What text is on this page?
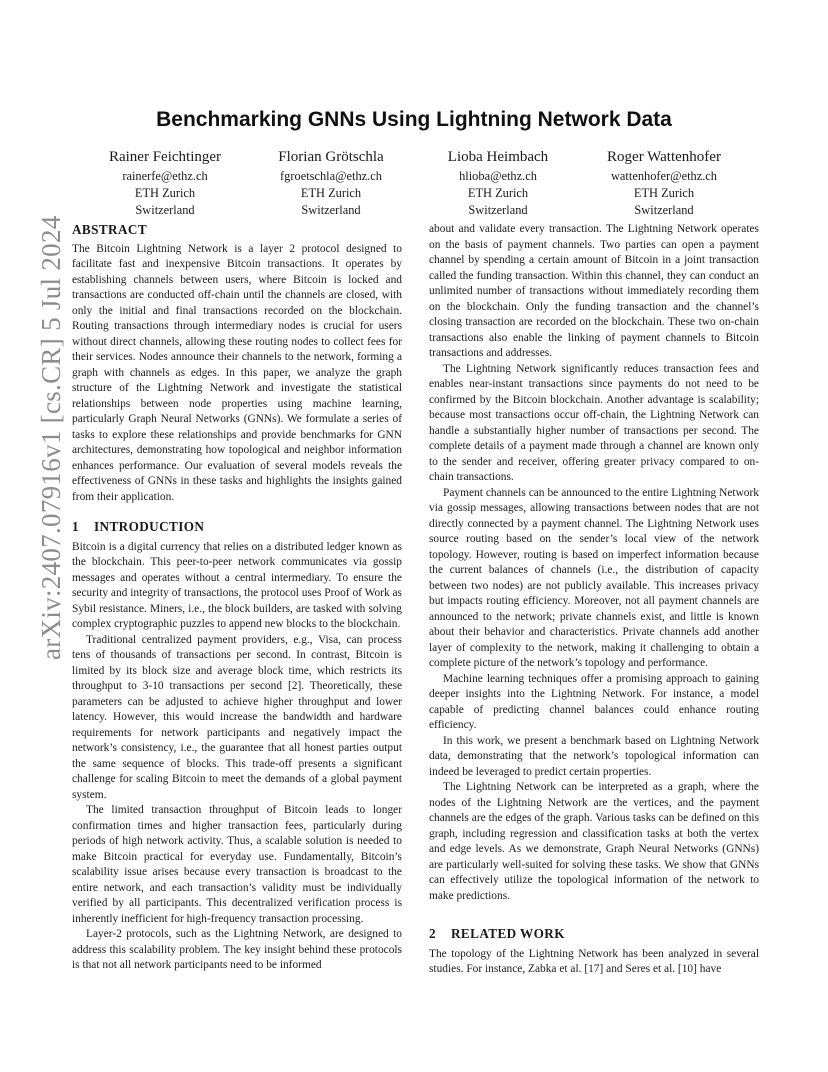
arXiv:2407.07916v1 [cs.CR] 5 Jul 2024
Benchmarking GNNs Using Lightning Network Data
Rainer Feichtinger
rainerfe@ethz.ch
ETH Zurich
Switzerland
Florian Grötschla
fgroetschla@ethz.ch
ETH Zurich
Switzerland
Lioba Heimbach
hlioba@ethz.ch
ETH Zurich
Switzerland
Roger Wattenhofer
wattenhofer@ethz.ch
ETH Zurich
Switzerland
ABSTRACT

The Bitcoin Lightning Network is a layer 2 protocol designed to facilitate fast and inexpensive Bitcoin transactions. It operates by establishing channels between users, where Bitcoin is locked and transactions are conducted off-chain until the channels are closed, with only the initial and final transactions recorded on the blockchain. Routing transactions through intermediary nodes is crucial for users without direct channels, allowing these routing nodes to collect fees for their services. Nodes announce their channels to the network, forming a graph with channels as edges. In this paper, we analyze the graph structure of the Lightning Network and investigate the statistical relationships between node properties using machine learning, particularly Graph Neural Networks (GNNs). We formulate a series of tasks to explore these relationships and provide benchmarks for GNN architectures, demonstrating how topological and neighbor information enhances performance. Our evaluation of several models reveals the effectiveness of GNNs in these tasks and highlights the insights gained from their application.

1 INTRODUCTION

Bitcoin is a digital currency that relies on a distributed ledger known as the blockchain. This peer-to-peer network communicates via gossip messages and operates without a central intermediary. To ensure the security and integrity of transactions, the protocol uses Proof of Work as Sybil resistance. Miners, i.e., the block builders, are tasked with solving complex cryptographic puzzles to append new blocks to the blockchain.

Traditional centralized payment providers, e.g., Visa, can process tens of thousands of transactions per second. In contrast, Bitcoin is limited by its block size and average block time, which restricts its throughput to 3-10 transactions per second [2]. Theoretically, these parameters can be adjusted to achieve higher throughput and lower latency. However, this would increase the bandwidth and hardware requirements for network participants and negatively impact the network’s consistency, i.e., the guarantee that all honest parties output the same sequence of blocks. This trade-off presents a significant challenge for scaling Bitcoin to meet the demands of a global payment system.

The limited transaction throughput of Bitcoin leads to longer confirmation times and higher transaction fees, particularly during periods of high network activity. Thus, a scalable solution is needed to make Bitcoin practical for everyday use. Fundamentally, Bitcoin’s scalability issue arises because every transaction is broadcast to the entire network, and each transaction’s validity must be individually verified by all participants. This decentralized verification process is inherently inefficient for high-frequency transaction processing.

Layer-2 protocols, such as the Lightning Network, are designed to address this scalability problem. The key insight behind these protocols is that not all network participants need to be informed

about and validate every transaction. The Lightning Network operates on the basis of payment channels. Two parties can open a payment channel by spending a certain amount of Bitcoin in a joint transaction called the funding transaction. Within this channel, they can conduct an unlimited number of transactions without immediately recording them on the blockchain. Only the funding transaction and the channel’s closing transaction are recorded on the blockchain. These two on-chain transactions also enable the linking of payment channels to Bitcoin transactions and addresses.

The Lightning Network significantly reduces transaction fees and enables near-instant transactions since payments do not need to be confirmed by the Bitcoin blockchain. Another advantage is scalability; because most transactions occur off-chain, the Lightning Network can handle a substantially higher number of transactions per second. The complete details of a payment made through a channel are known only to the sender and receiver, offering greater privacy compared to on-chain transactions.

Payment channels can be announced to the entire Lightning Network via gossip messages, allowing transactions between nodes that are not directly connected by a payment channel. The Lightning Network uses source routing based on the sender’s local view of the network topology. However, routing is based on imperfect information because the current balances of channels (i.e., the distribution of capacity between two nodes) are not publicly available. This increases privacy but impacts routing efficiency. Moreover, not all payment channels are announced to the network; private channels exist, and little is known about their behavior and characteristics. Private channels add another layer of complexity to the network, making it challenging to obtain a complete picture of the network’s topology and performance.

Machine learning techniques offer a promising approach to gaining deeper insights into the Lightning Network. For instance, a model capable of predicting channel balances could enhance routing efficiency.

In this work, we present a benchmark based on Lightning Network data, demonstrating that the network’s topological information can indeed be leveraged to predict certain properties.

The Lightning Network can be interpreted as a graph, where the nodes of the Lightning Network are the vertices, and the payment channels are the edges of the graph. Various tasks can be defined on this graph, including regression and classification tasks at both the vertex and edge levels. As we demonstrate, Graph Neural Networks (GNNs) are particularly well-suited for solving these tasks. We show that GNNs can effectively utilize the topological information of the network to make predictions.

2 RELATED WORK

The topology of the Lightning Network has been analyzed in several studies. For instance, Zabka et al. [17] and Seres et al. [10] have
